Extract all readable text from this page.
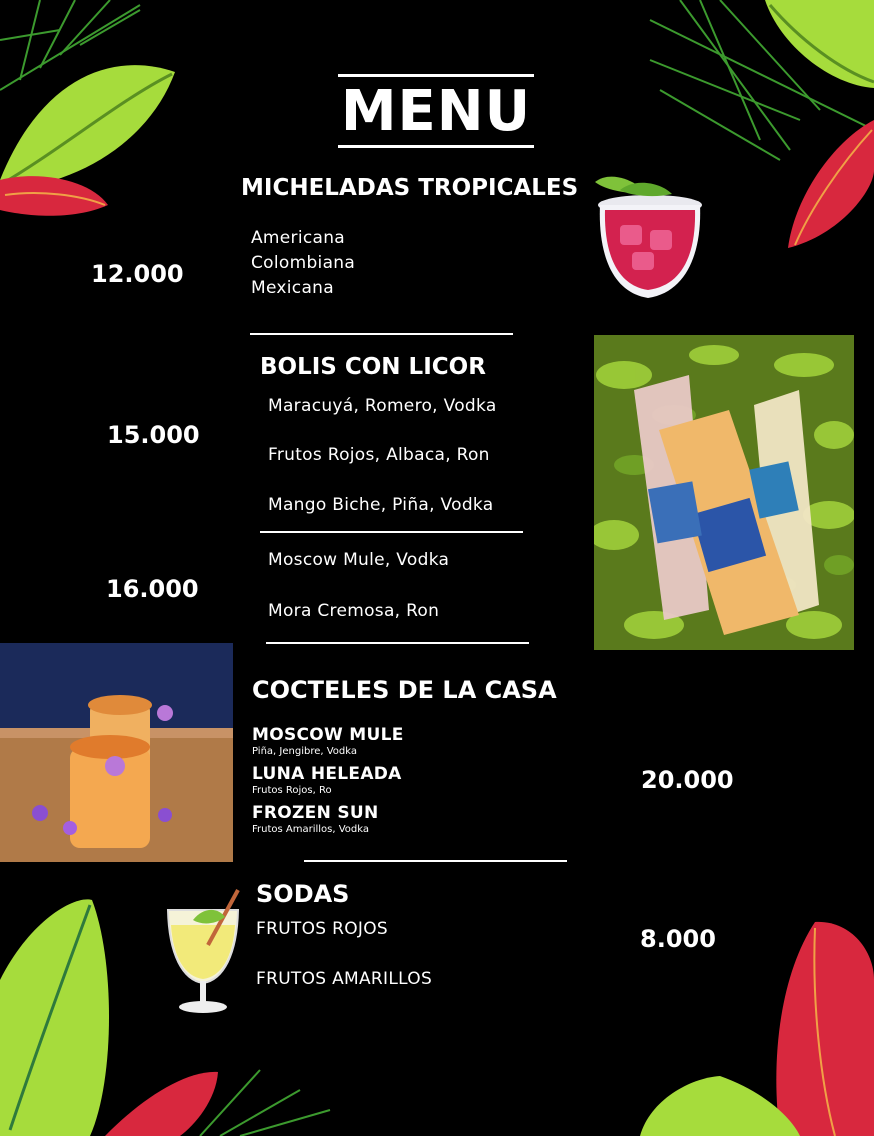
MENU
MICHELADAS TROPICALES
Americana
Colombiana
Mexicana
12.000
BOLIS CON LICOR
Maracuyá, Romero, Vodka
Frutos Rojos, Albaca, Ron
Mango Biche, Piña, Vodka
15.000
Moscow Mule, Vodka
Mora Cremosa, Ron
16.000
COCTELES DE LA CASA
MOSCOW MULE
Piña, Jengibre, Vodka
LUNA HELEADA
Frutos Rojos, Ro
FROZEN SUN
Frutos Amarillos, Vodka
20.000
SODAS
FRUTOS ROJOS
FRUTOS AMARILLOS
8.000
